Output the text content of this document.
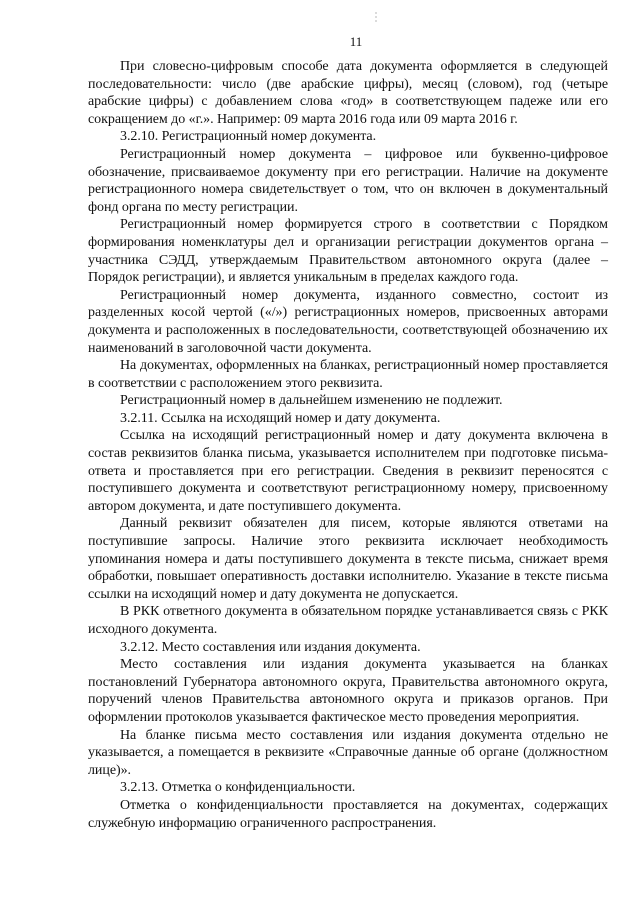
11

При словесно-цифровым способе дата документа оформляется в следующей последовательности: число (две арабские цифры), месяц (словом), год (четыре арабские цифры) с добавлением слова «год» в соответствующем падеже или его сокращением до «г.». Например: 09 марта 2016 года или 09 марта 2016 г.

3.2.10. Регистрационный номер документа.

Регистрационный номер документа – цифровое или буквенно-цифровое обозначение, присваиваемое документу при его регистрации. Наличие на документе регистрационного номера свидетельствует о том, что он включен в документальный фонд органа по месту регистрации.

Регистрационный номер формируется строго в соответствии с Порядком формирования номенклатуры дел и организации регистрации документов органа – участника СЭДД, утверждаемым Правительством автономного округа (далее – Порядок регистрации), и является уникальным в пределах каждого года.

Регистрационный номер документа, изданного совместно, состоит из разделенных косой чертой («/») регистрационных номеров, присвоенных авторами документа и расположенных в последовательности, соответствующей обозначению их наименований в заголовочной части документа.

На документах, оформленных на бланках, регистрационный номер проставляется в соответствии с расположением этого реквизита.

Регистрационный номер в дальнейшем изменению не подлежит.

3.2.11. Ссылка на исходящий номер и дату документа.

Ссылка на исходящий регистрационный номер и дату документа включена в состав реквизитов бланка письма, указывается исполнителем при подготовке письма-ответа и проставляется при его регистрации. Сведения в реквизит переносятся с поступившего документа и соответствуют регистрационному номеру, присвоенному автором документа, и дате поступившего документа.

Данный реквизит обязателен для писем, которые являются ответами на поступившие запросы. Наличие этого реквизита исключает необходимость упоминания номера и даты поступившего документа в тексте письма, снижает время обработки, повышает оперативность доставки исполнителю. Указание в тексте письма ссылки на исходящий номер и дату документа не допускается.

В РКК ответного документа в обязательном порядке устанавливается связь с РКК исходного документа.

3.2.12. Место составления или издания документа.

Место составления или издания документа указывается на бланках постановлений Губернатора автономного округа, Правительства автономного округа, поручений членов Правительства автономного округа и приказов органов. При оформлении протоколов указывается фактическое место проведения мероприятия.

На бланке письма место составления или издания документа отдельно не указывается, а помещается в реквизите «Справочные данные об органе (должностном лице)».

3.2.13. Отметка о конфиденциальности.

Отметка о конфиденциальности проставляется на документах, содержащих служебную информацию ограниченного распространения.
